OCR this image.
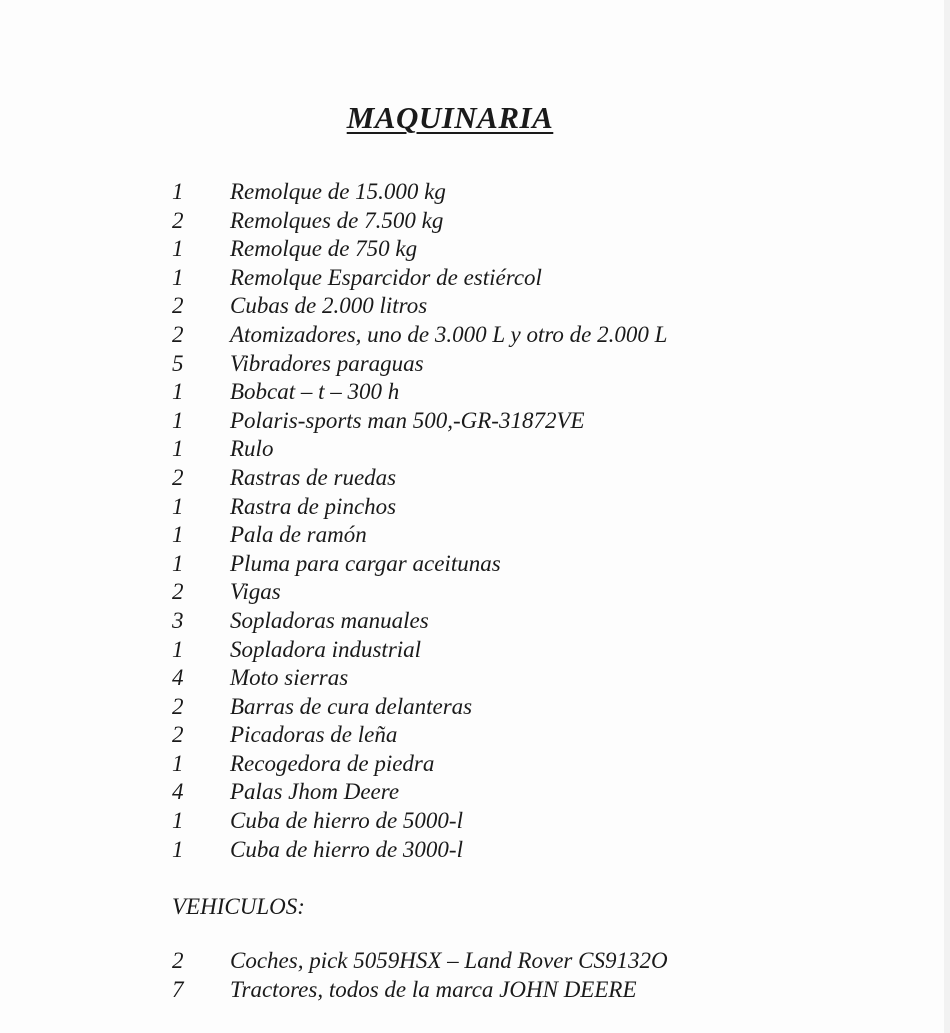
MAQUINARIA
1	Remolque de 15.000 kg
2	Remolques de 7.500 kg
1	Remolque de 750 kg
1	Remolque Esparcidor de estiércol
2	Cubas de 2.000 litros
2	Atomizadores, uno de 3.000 L y otro de 2.000 L
5	Vibradores paraguas
1	Bobcat – t – 300 h
1	Polaris-sports man 500,-GR-31872VE
1	Rulo
2	Rastras de ruedas
1	Rastra de pinchos
1	Pala de ramón
1	Pluma para cargar aceitunas
2	Vigas
3	Sopladoras manuales
1	Sopladora industrial
4	Moto sierras
2	Barras de cura delanteras
2	Picadoras de leña
1	Recogedora de piedra
4	Palas Jhom Deere
1	Cuba de hierro de 5000-l
1	Cuba de hierro de 3000-l
VEHICULOS:
2	Coches, pick 5059HSX – Land Rover CS9132O
7	Tractores, todos de la marca JOHN DEERE
